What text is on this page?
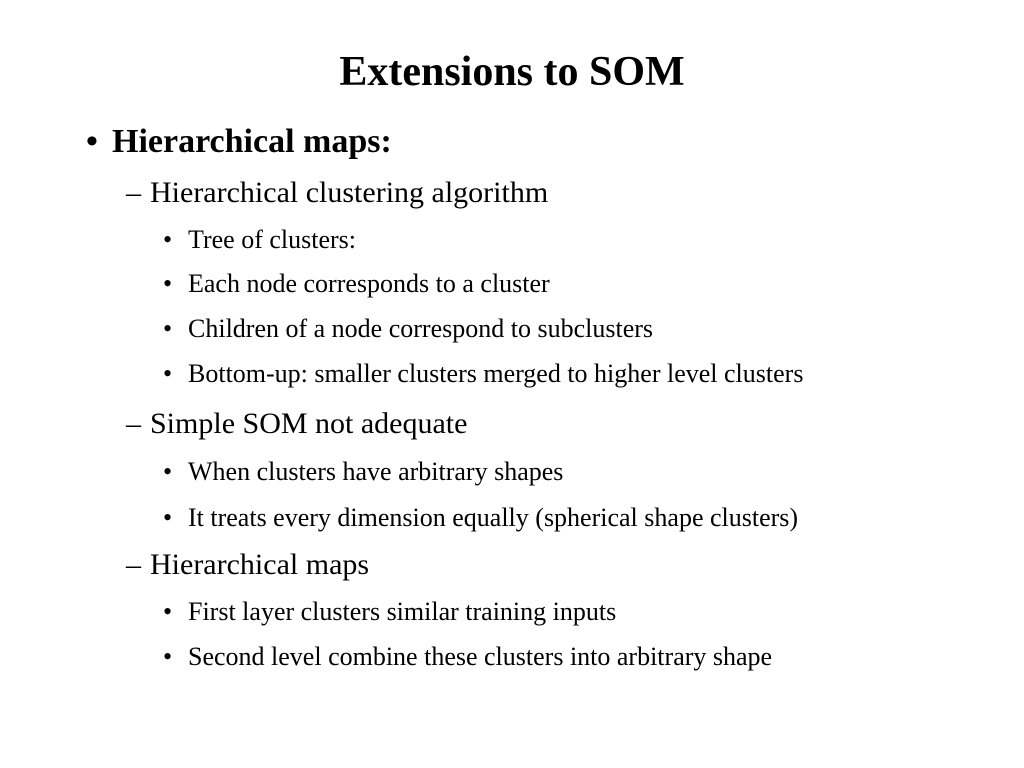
Extensions to SOM
• Hierarchical maps:
– Hierarchical clustering algorithm
• Tree of clusters:
• Each node corresponds to a cluster
• Children of a node correspond to subclusters
• Bottom-up: smaller clusters merged to higher level clusters
– Simple SOM not adequate
• When clusters have arbitrary shapes
• It treats every dimension equally (spherical shape clusters)
– Hierarchical maps
• First layer clusters similar training inputs
• Second level combine these clusters into arbitrary shape
